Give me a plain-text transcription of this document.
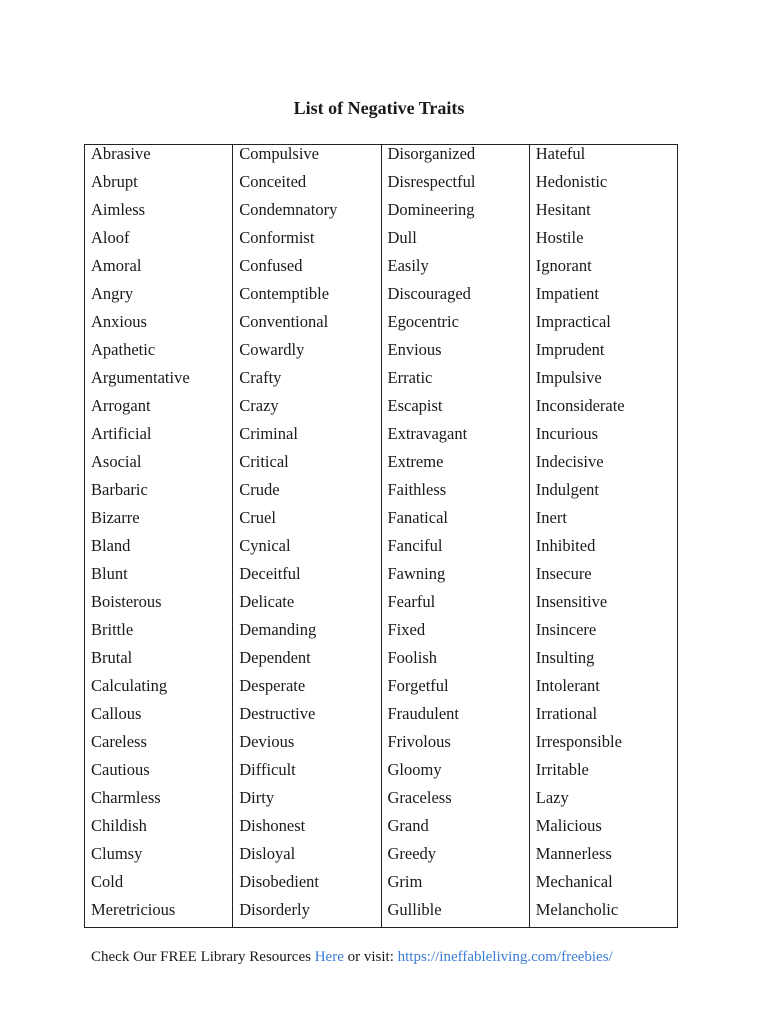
List of Negative Traits
Abrasive
Abrupt
Aimless
Aloof
Amoral
Angry
Anxious
Apathetic
Argumentative
Arrogant
Artificial
Asocial
Barbaric
Bizarre
Bland
Blunt
Boisterous
Brittle
Brutal
Calculating
Callous
Careless
Cautious
Charmless
Childish
Clumsy
Cold
Meretricious
Compulsive
Conceited
Condemnatory
Conformist
Confused
Contemptible
Conventional
Cowardly
Crafty
Crazy
Criminal
Critical
Crude
Cruel
Cynical
Deceitful
Delicate
Demanding
Dependent
Desperate
Destructive
Devious
Difficult
Dirty
Dishonest
Disloyal
Disobedient
Disorderly
Disorganized
Disrespectful
Domineering
Dull
Easily
Discouraged
Egocentric
Envious
Erratic
Escapist
Extravagant
Extreme
Faithless
Fanatical
Fanciful
Fawning
Fearful
Fixed
Foolish
Forgetful
Fraudulent
Frivolous
Gloomy
Graceless
Grand
Greedy
Grim
Gullible
Hateful
Hedonistic
Hesitant
Hostile
Ignorant
Impatient
Impractical
Imprudent
Impulsive
Inconsiderate
Incurious
Indecisive
Indulgent
Inert
Inhibited
Insecure
Insensitive
Insincere
Insulting
Intolerant
Irrational
Irresponsible
Irritable
Lazy
Malicious
Mannerless
Mechanical
Melancholic
Check Our FREE Library Resources Here or visit: https://ineffableliving.com/freebies/
